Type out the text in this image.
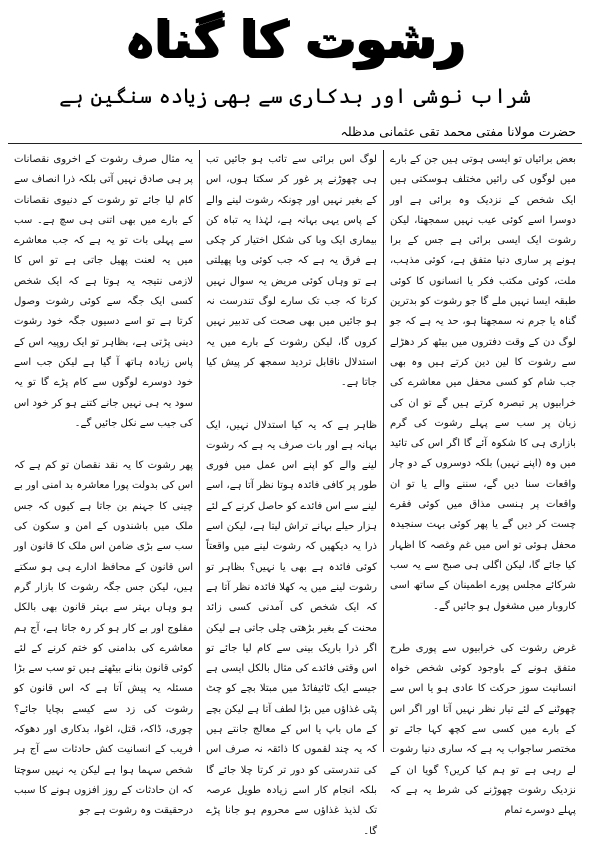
رشوت کا گناہ
شراب نوشی اور بدکاری سے بھی زیادہ سنگین ہے
حضرت مولانا مفتی محمد تقی عثمانی مدظلہ

بعض برائیاں تو ایسی ہوتی ہیں جن کے بارے میں لوگوں کی رائیں مختلف ہوسکتی ہیں ایک شخص کے نزدیک وہ برائی ہے اور دوسرا اسے کوئی عیب نہیں سمجھتا، لیکن رشوت ایک ایسی برائی ہے جس کے برا ہونے پر ساری دنیا متفق ہے، کوئی مذہب، ملت، کوئی مکتب فکر یا انسانوں کا کوئی طبقہ ایسا نہیں ملے گا جو رشوت کو بدترین گناہ یا جرم نہ سمجھتا ہو، حد یہ ہے کہ جو لوگ دن کے وقت دفتروں میں بیٹھ کر دھڑلے سے رشوت کا لین دین کرتے ہیں وہ بھی جب شام کو کسی محفل میں معاشرے کی خرابیوں پر تبصرہ کرتے ہیں گے تو ان کی زبان پر سب سے پہلے رشوت کی گرم بازاری ہی کا شکوہ آئے گا اگر اس کی تائید میں وہ (اپنے نہیں) بلکہ دوسروں کے دو چار واقعات سنا دیں گے، سننے والے یا تو ان واقعات پر ہنسی مذاق میں کوئی فقرے چست کر دیں گے یا پھر کوئی بہت سنجیدہ محفل ہوئی تو اس میں غم وغصہ کا اظہار کیا جائے گا، لیکن اگلی ہی صبح سے یہ سب شرکائے مجلس پورے اطمینان کے ساتھ اسی کاروبار میں مشغول ہو جائیں گے۔

غرض رشوت کی خرابیوں سے پوری طرح متفق ہونے کے باوجود کوئی شخص خواہ انسانیت سوز حرکت کا عادی ہو یا اس سے چھوٹنے کے لئے تیار نظر نہیں آتا اور اگر اس کے بارے میں کسی سے کچھ کہا جائے تو مختصر ساجواب یہ ہے کہ ساری دنیا رشوت لے رہی ہے تو ہم کیا کریں؟ گویا ان کے نزدیک رشوت چھوڑنے کی شرط یہ ہے کہ پہلے دوسرے تمام

لوگ اس برائی سے تائب ہو جائیں تب ہی چھوڑنے پر غور کر سکتا ہوں، اس کے بغیر نہیں اور چونکہ رشوت لینے والے کے پاس یہی بہانہ ہے، لہٰذا یہ تباہ کن بیماری ایک وبا کی شکل اختیار کر چکی ہے فرق یہ ہے کہ جب کوئی وبا پھیلتی ہے تو وہاں کوئی مریض یہ سوال نہیں کرتا کہ جب تک سارے لوگ تندرست نہ ہو جائیں میں بھی صحت کی تدبیر نہیں کروں گا، لیکن رشوت کے بارے میں یہ استدلال ناقابل تردید سمجھ کر پیش کیا جاتا ہے۔

ظاہر ہے کہ یہ کیا استدلال نہیں، ایک بہانہ ہے اور بات صرف یہ ہے کہ رشوت لینے والے کو اپنے اس عمل میں فوری طور پر کافی فائدہ ہوتا نظر آتا ہے، اسے لینے سے اس فائدے کو حاصل کرنے کے لئے ہزار حیلے بہانے تراش لیتا ہے، لیکن اسے ذرا یہ دیکھیں کہ رشوت لینے میں واقعتاً کوئی فائدہ ہے بھی یا نہیں؟ بظاہر تو رشوت لینے میں یہ کھلا فائدہ نظر آتا ہے کہ ایک شخص کی آمدنی کسی زائد محنت کے بغیر بڑھتی چلی جاتی ہے لیکن اگر ذرا باریک بینی سے کام لیا جائے تو اس وقتی فائدے کی مثال بالکل ایسی ہے جیسے ایک ٹائیفائڈ میں مبتلا بچے کو چٹ پٹی غذاؤں میں بڑا لطف آتا ہے لیکن بچے کے ماں باپ یا اس کے معالج جانتے ہیں کہ یہ چند لقموں کا ذائقہ نہ صرف اس کی تندرستی کو دور تر کرتا چلا جائے گا بلکہ انجام کار اسے زیادہ طویل عرصہ تک لذیذ غذاؤں سے محروم ہو جانا پڑے گا۔

یہ مثال صرف رشوت کے اخروی نقصانات پر ہی صادق نہیں آتی بلکہ ذرا انصاف سے کام لیا جائے تو رشوت کے دنیوی نقصانات کے بارے میں بھی اتنی ہی سچ ہے۔ سب سے پہلی بات تو یہ ہے کہ جب معاشرے میں یہ لعنت پھیل جاتی ہے تو اس کا لازمی نتیجہ یہ ہوتا ہے کہ ایک شخص کسی ایک جگہ سے کوئی رشوت وصول کرتا ہے تو اسے دسیوں جگہ خود رشوت دینی پڑتی ہے، بظاہر تو ایک روپیہ اس کے پاس زیادہ ہاتھ آ گیا ہے لیکن جب اسے خود دوسرے لوگوں سے کام پڑے گا تو یہ سود یہ ہی نہیں جانے کتنے ہو کر خود اس کی جیب سے نکل جائیں گے۔

پھر رشوت کا یہ نقد نقصان تو کم ہے کہ اس کی بدولت پورا معاشرہ بد امنی اور بے چینی کا جہنم بن جاتا ہے کیوں کہ جس ملک میں باشندوں کے امن و سکون کی سب سے بڑی ضامن اس ملک کا قانون اور اس قانون کے محافظ ادارے ہی ہو سکتے ہیں، لیکن جس جگہ رشوت کا بازار گرم ہو وہاں بہتر سے بہتر قانون بھی بالکل مفلوج اور بے کار ہو کر رہ جاتا ہے، آج ہم معاشرے کی بدامنی کو ختم کرنے کے لئے کوئی قانون بنانے بیٹھتے ہیں تو سب سے بڑا مسئلہ یہ پیش آتا ہے کہ اس قانون کو رشوت کی زد سے کیسے بچایا جائے؟ چوری، ڈاکہ، قتل، اغوا، بدکاری اور دھوکہ فریب کے انسانیت کش حادثات سے آج ہر شخص سہما ہوا ہے لیکن یہ نہیں سوچتا کہ ان حادثات کے روز افزوں ہونے کا سبب درحقیقت وہ رشوت ہے جو
